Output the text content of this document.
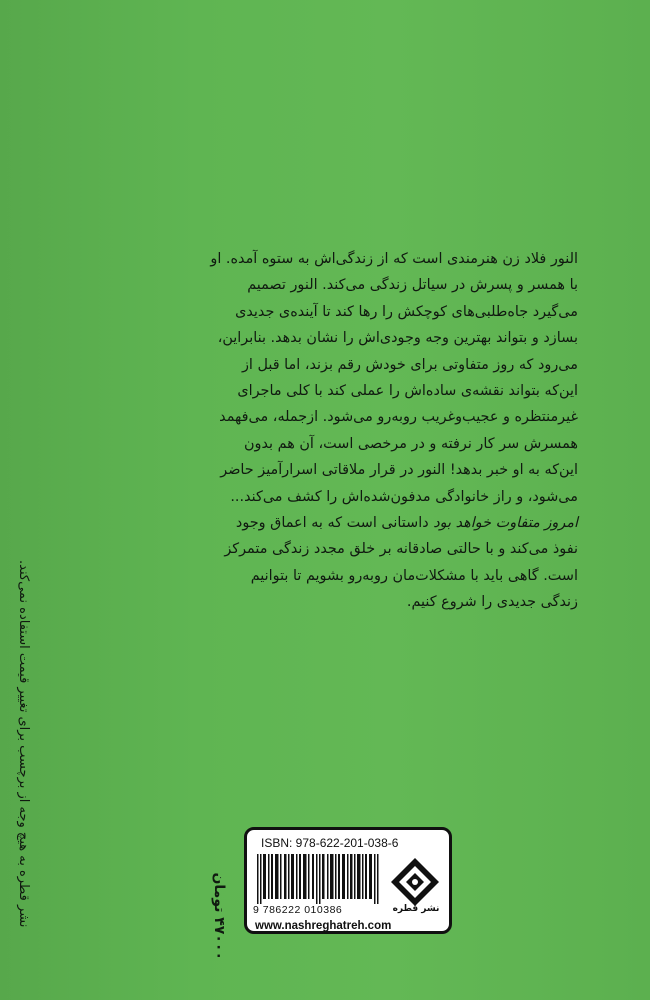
النور فلاد زن هنرمندی است که از زندگی‌اش به ستوه آمده. او
با همسر و پسرش در سیاتل زندگی می‌کند. النور تصمیم
می‌گیرد جاه‌طلبی‌های کوچکش را رها کند تا آینده‌ی جدیدی
بسازد و بتواند بهترین وجه وجودی‌اش را نشان بدهد. بنابراین،
می‌رود که روز متفاوتی برای خودش رقم بزند، اما قبل از
این‌که بتواند نقشه‌ی ساده‌اش را عملی کند با کلی ماجرای
غیرمنتظره و عجیب‌وغریب روبه‌رو می‌شود. ازجمله، می‌فهمد
همسرش سر کار نرفته و در مرخصی است، آن هم بدون
این‌که به او خبر بدهد! النور در قرار ملاقاتی اسرارآمیز حاضر
می‌شود، و راز خانوادگی مدفون‌شده‌اش را کشف می‌کند...
امروز متفاوت خواهد بود داستانی است که به اعماق وجود
نفوذ می‌کند و با حالتی صادقانه بر خلق مجدد زندگی متمرکز
است. گاهی باید با مشکلات‌مان روبه‌رو بشویم تا بتوانیم
زندگی جدیدی را شروع کنیم.
نشر قطره به هیچ وجه از برچسب برای تغییر قیمت استفاده نمی‌کند.	۴۷۰۰۰ تومان
ISBN: 978-622-201-038-6
9 786222 010386	نشر قطره
www.nashreghatreh.com
